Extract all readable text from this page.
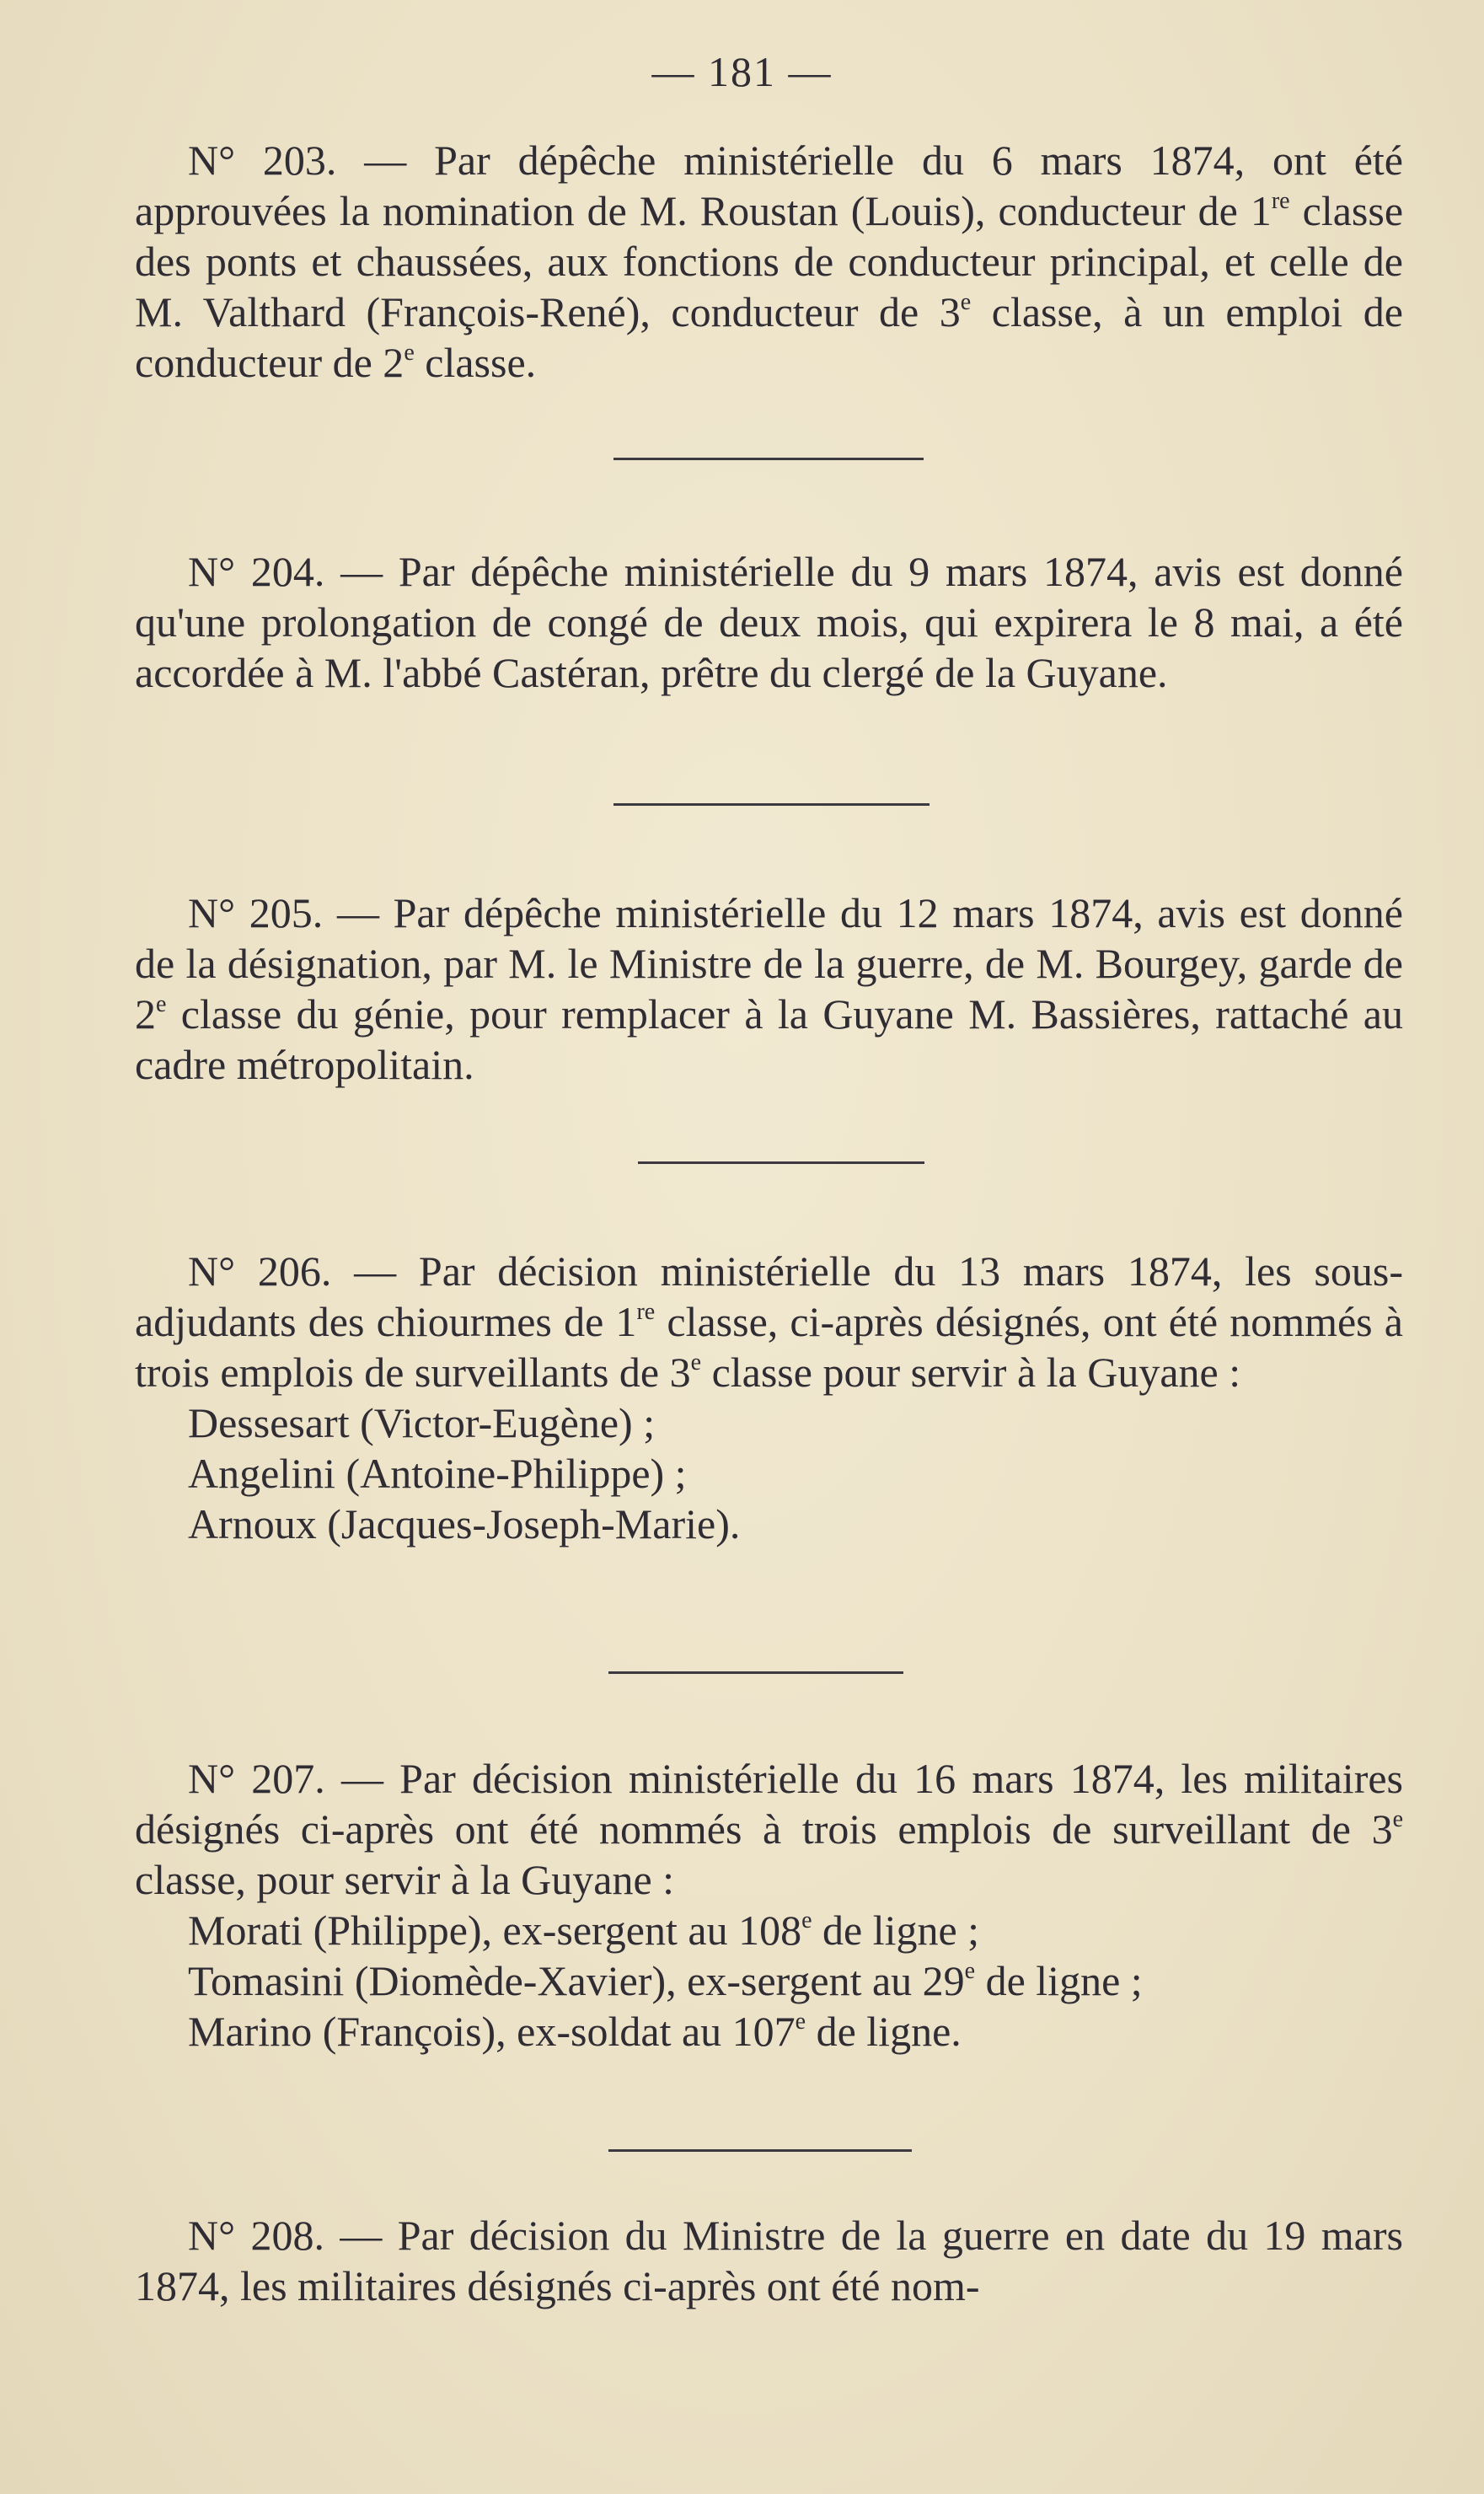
— 181 —

N° 203. — Par dépêche ministérielle du 6 mars 1874, ont été approuvées la nomination de M. Roustan (Louis), conducteur de 1re classe des ponts et chaussées, aux fonctions de conducteur principal, et celle de M. Valthard (François-René), conducteur de 3e classe, à un emploi de conducteur de 2e classe.

N° 204. — Par dépêche ministérielle du 9 mars 1874, avis est donné qu'une prolongation de congé de deux mois, qui expirera le 8 mai, a été accordée à M. l'abbé Castéran, prêtre du clergé de la Guyane.

N° 205. — Par dépêche ministérielle du 12 mars 1874, avis est donné de la désignation, par M. le Ministre de la guerre, de M. Bourgey, garde de 2e classe du génie, pour remplacer à la Guyane M. Bassières, rattaché au cadre métropolitain.

N° 206. — Par décision ministérielle du 13 mars 1874, les sous-adjudants des chiourmes de 1re classe, ci-après désignés, ont été nommés à trois emplois de surveillants de 3e classe pour servir à la Guyane :

Dessesart (Victor-Eugène) ;

Angelini (Antoine-Philippe) ;

Arnoux (Jacques-Joseph-Marie).

N° 207. — Par décision ministérielle du 16 mars 1874, les militaires désignés ci-après ont été nommés à trois emplois de surveillant de 3e classe, pour servir à la Guyane :

Morati (Philippe), ex-sergent au 108e de ligne ;

Tomasini (Diomède-Xavier), ex-sergent au 29e de ligne ;

Marino (François), ex-soldat au 107e de ligne.

N° 208. — Par décision du Ministre de la guerre en date du 19 mars 1874, les militaires désignés ci-après ont été nom-
